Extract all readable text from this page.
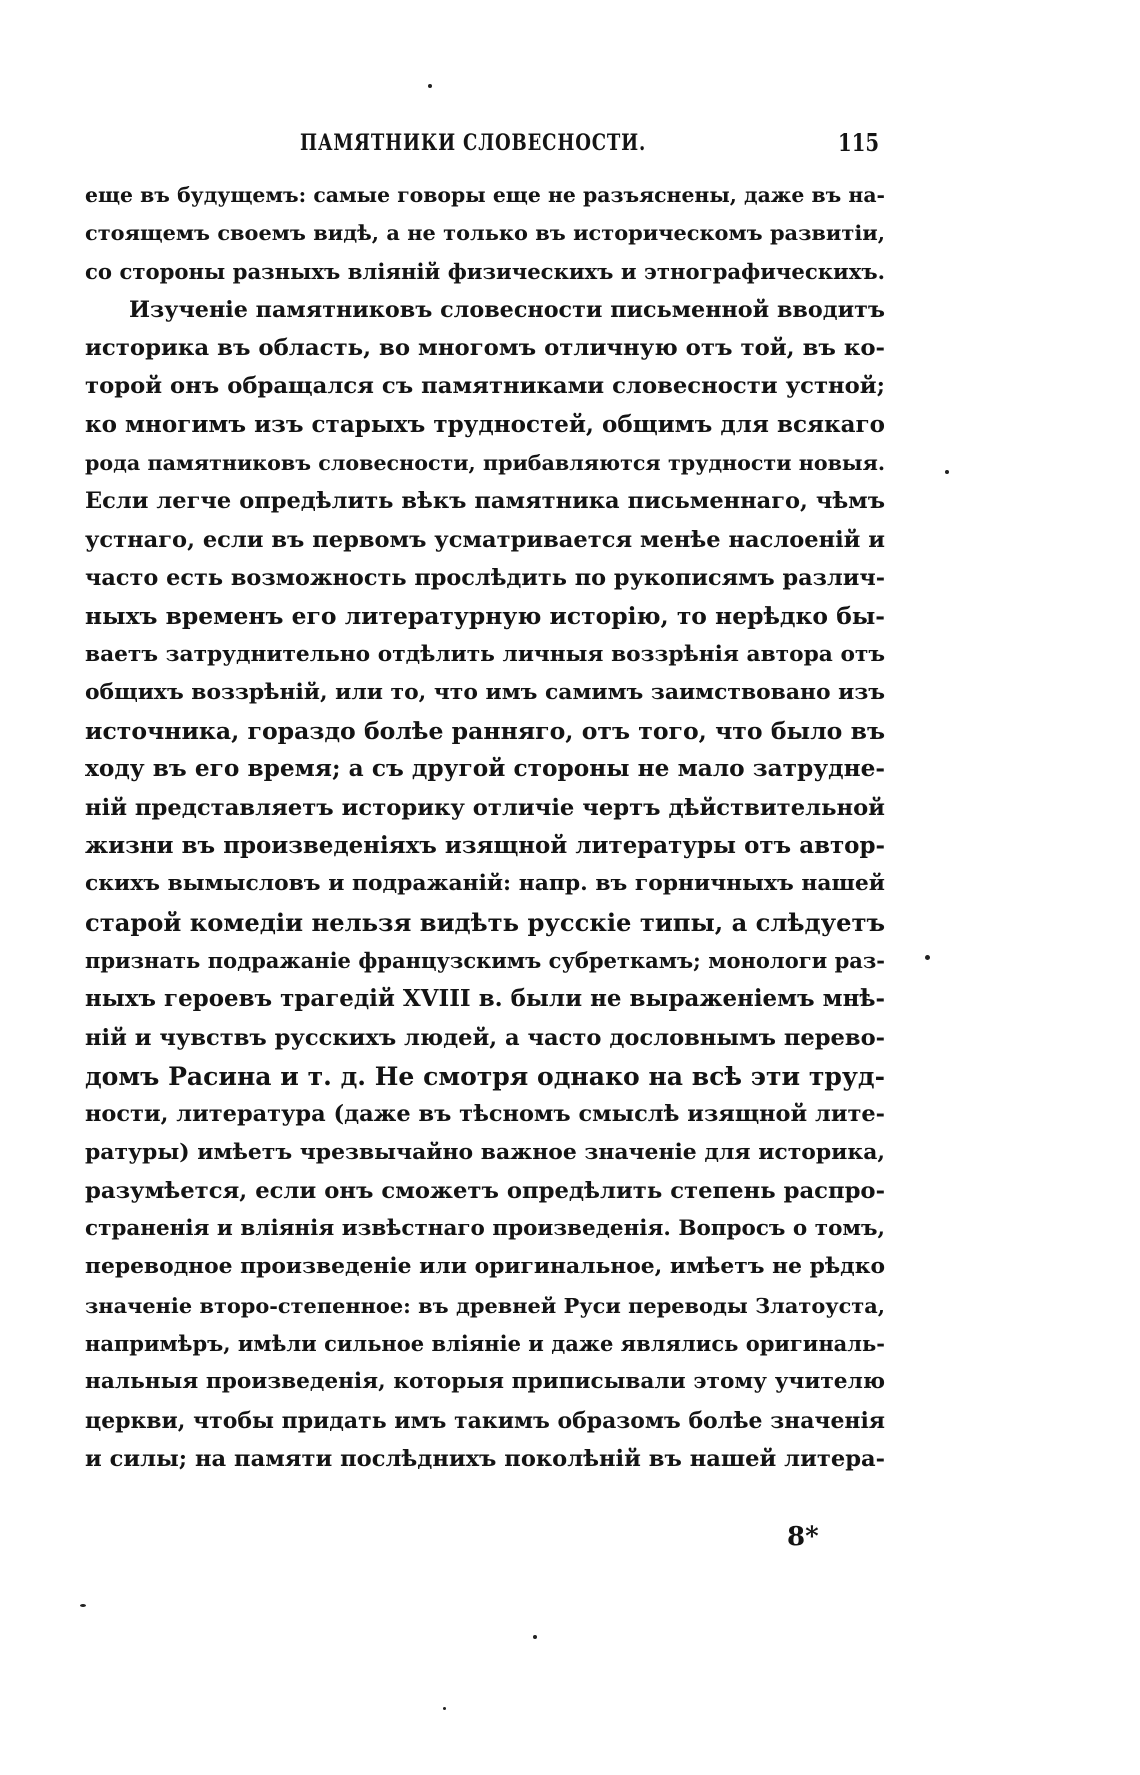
ПАМЯТНИКИ СЛОВЕСНОСТИ.	115
еще въ будущемъ: самые говоры еще не разъяснены, даже въ на-
стоящемъ своемъ видѣ, а не только въ историческомъ развитіи,
со стороны разныхъ вліяній физическихъ и этнографическихъ.
Изученіе памятниковъ словесности письменной вводитъ
историка въ область, во многомъ отличную отъ той, въ ко-
торой онъ обращался съ памятниками словесности устной;
ко многимъ изъ старыхъ трудностей, общимъ для всякаго
рода памятниковъ словесности, прибавляются трудности новыя.
Если легче опредѣлить вѣкъ памятника письменнаго, чѣмъ
устнаго, если въ первомъ усматривается менѣе наслоеній и
часто есть возможность прослѣдить по рукописямъ различ-
ныхъ временъ его литературную исторію, то нерѣдко бы-
ваетъ затруднительно отдѣлить личныя воззрѣнія автора отъ
общихъ воззрѣній, или то, что имъ самимъ заимствовано изъ
источника, гораздо болѣе ранняго, отъ того, что было въ
ходу въ его время; а съ другой стороны не мало затрудне-
ній представляетъ историку отличіе чертъ дѣйствительной
жизни въ произведеніяхъ изящной литературы отъ автор-
скихъ вымысловъ и подражаній: напр. въ горничныхъ нашей
старой комедіи нельзя видѣть русскіе типы, а слѣдуетъ
признать подражаніе французскимъ субреткамъ; монологи раз-
ныхъ героевъ трагедій XVIII в. были не выраженіемъ мнѣ-
ній и чувствъ русскихъ людей, а часто дословнымъ перево-
домъ Расина и т. д. Не смотря однако на всѣ эти труд-
ности, литература (даже въ тѣсномъ смыслѣ изящной лите-
ратуры) имѣетъ чрезвычайно важное значеніе для историка,
разумѣется, если онъ сможетъ опредѣлить степень распро-
страненія и вліянія извѣстнаго произведенія. Вопросъ о томъ,
переводное произведеніе или оригинальное, имѣетъ не рѣдко
значеніе второ-степенное: въ древней Руси переводы Златоуста,
напримѣръ, имѣли сильное вліяніе и даже являлись оригиналь-
нальныя произведенія, которыя приписывали этому учителю
церкви, чтобы придать имъ такимъ образомъ болѣе значенія
и силы; на памяти послѣднихъ поколѣній въ нашей литера-
8*
